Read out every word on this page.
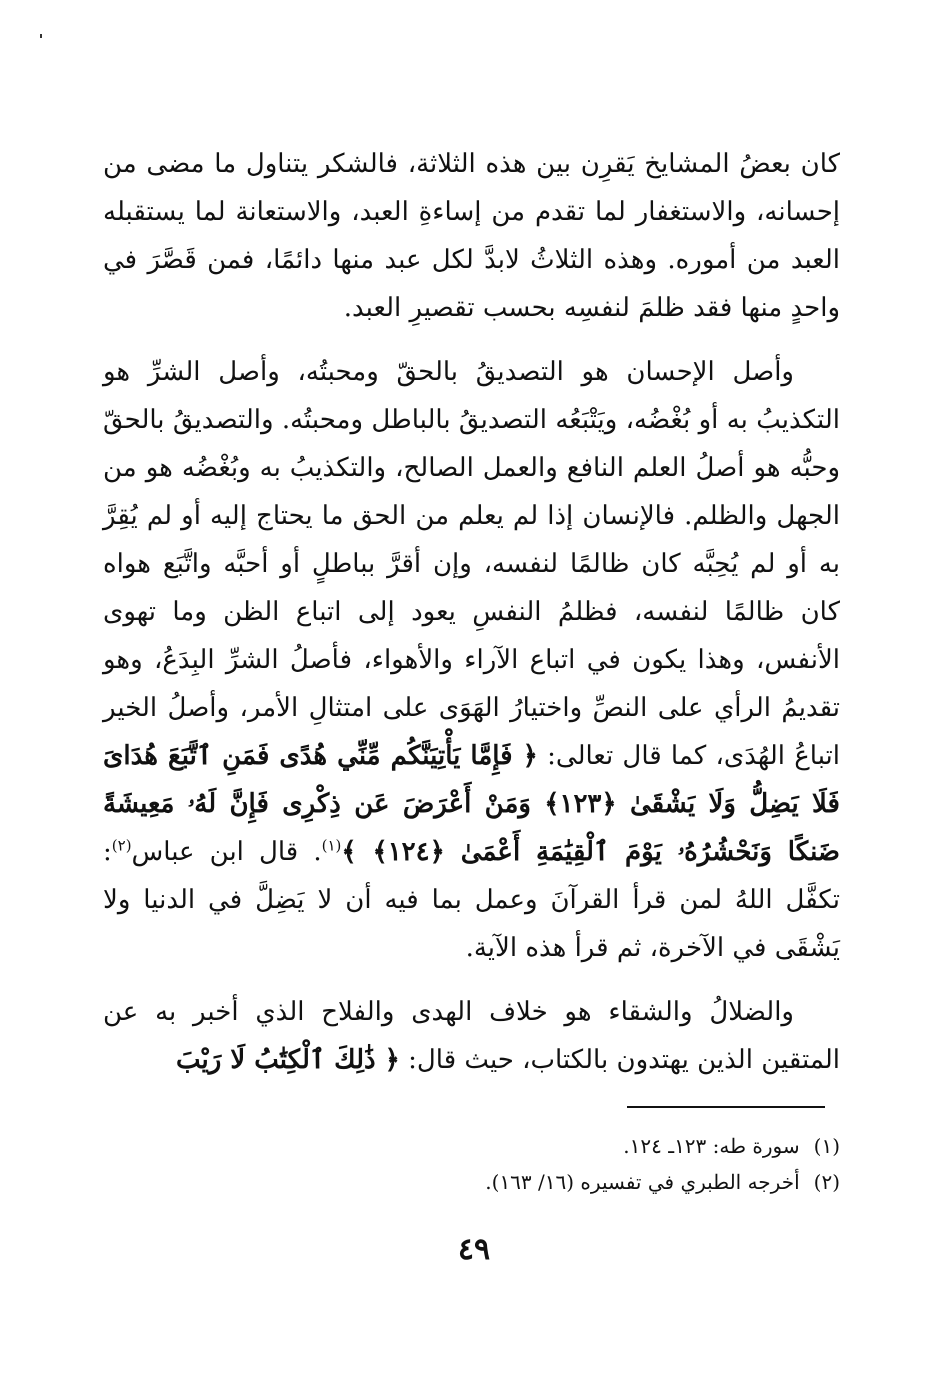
كان بعضُ المشايخ يَقرِن بين هذه الثلاثة، فالشكر يتناول ما مضى من إحسانه، والاستغفار لما تقدم من إساءةِ العبد، والاستعانة لما يستقبله العبد من أموره. وهذه الثلاثُ لابدَّ لكل عبد منها دائمًا، فمن قَصَّرَ في واحدٍ منها فقد ظلمَ لنفسِه بحسب تقصيرِ العبد.

وأصل الإحسان هو التصديقُ بالحقّ ومحبتُه، وأصل الشرِّ هو التكذيبُ به أو بُغْضُه، ويَتْبَعُه التصديقُ بالباطل ومحبتُه. والتصديقُ بالحقّ وحبُّه هو أصلُ العلم النافع والعمل الصالح، والتكذيبُ به وبُغْضُه هو من الجهل والظلم. فالإنسان إذا لم يعلم من الحق ما يحتاج إليه أو لم يُقِرَّ به أو لم يُحِبَّه كان ظالمًا لنفسه، وإن أقرَّ بباطلٍ أو أحبَّه واتَّبَع هواه كان ظالمًا لنفسه، فظلمُ النفسِ يعود إلى اتباع الظن وما تهوى الأنفس، وهذا يكون في اتباع الآراء والأهواء، فأصلُ الشرِّ البِدَعُ، وهو تقديمُ الرأي على النصِّ واختيارُ الهَوَى على امتثالِ الأمر، وأصلُ الخير اتباعُ الهُدَى، كما قال تعالى: ﴿ فَإِمَّا يَأْتِيَنَّكُم مِّنِّي هُدًى فَمَنِ ٱتَّبَعَ هُدَاىَ فَلَا يَضِلُّ وَلَا يَشْقَىٰ ﴿١٢٣﴾ وَمَنْ أَعْرَضَ عَن ذِكْرِى فَإِنَّ لَهُۥ مَعِيشَةً ضَنكًا وَنَحْشُرُهُۥ يَوْمَ ٱلْقِيَٰمَةِ أَعْمَىٰ ﴿١٢٤﴾ ﴾$^{(١)}$. قال ابن عباس$^{(٢)}$: تكفَّل اللهُ لمن قرأ القرآنَ وعمل بما فيه أن لا يَضِلَّ في الدنيا ولا يَشْقَى في الآخرة، ثم قرأ هذه الآية.

والضلالُ والشقاء هو خلاف الهدى والفلاح الذي أخبر به عن المتقين الذين يهتدون بالكتاب، حيث قال: ﴿ ذَٰلِكَ ٱلْكِتَٰبُ لَا رَيْبَ

(١)
سورة طه: ١٢٣ـ ١٢٤.
(٢)
أخرجه الطبري في تفسيره (١٦/ ١٦٣).
٤٩
